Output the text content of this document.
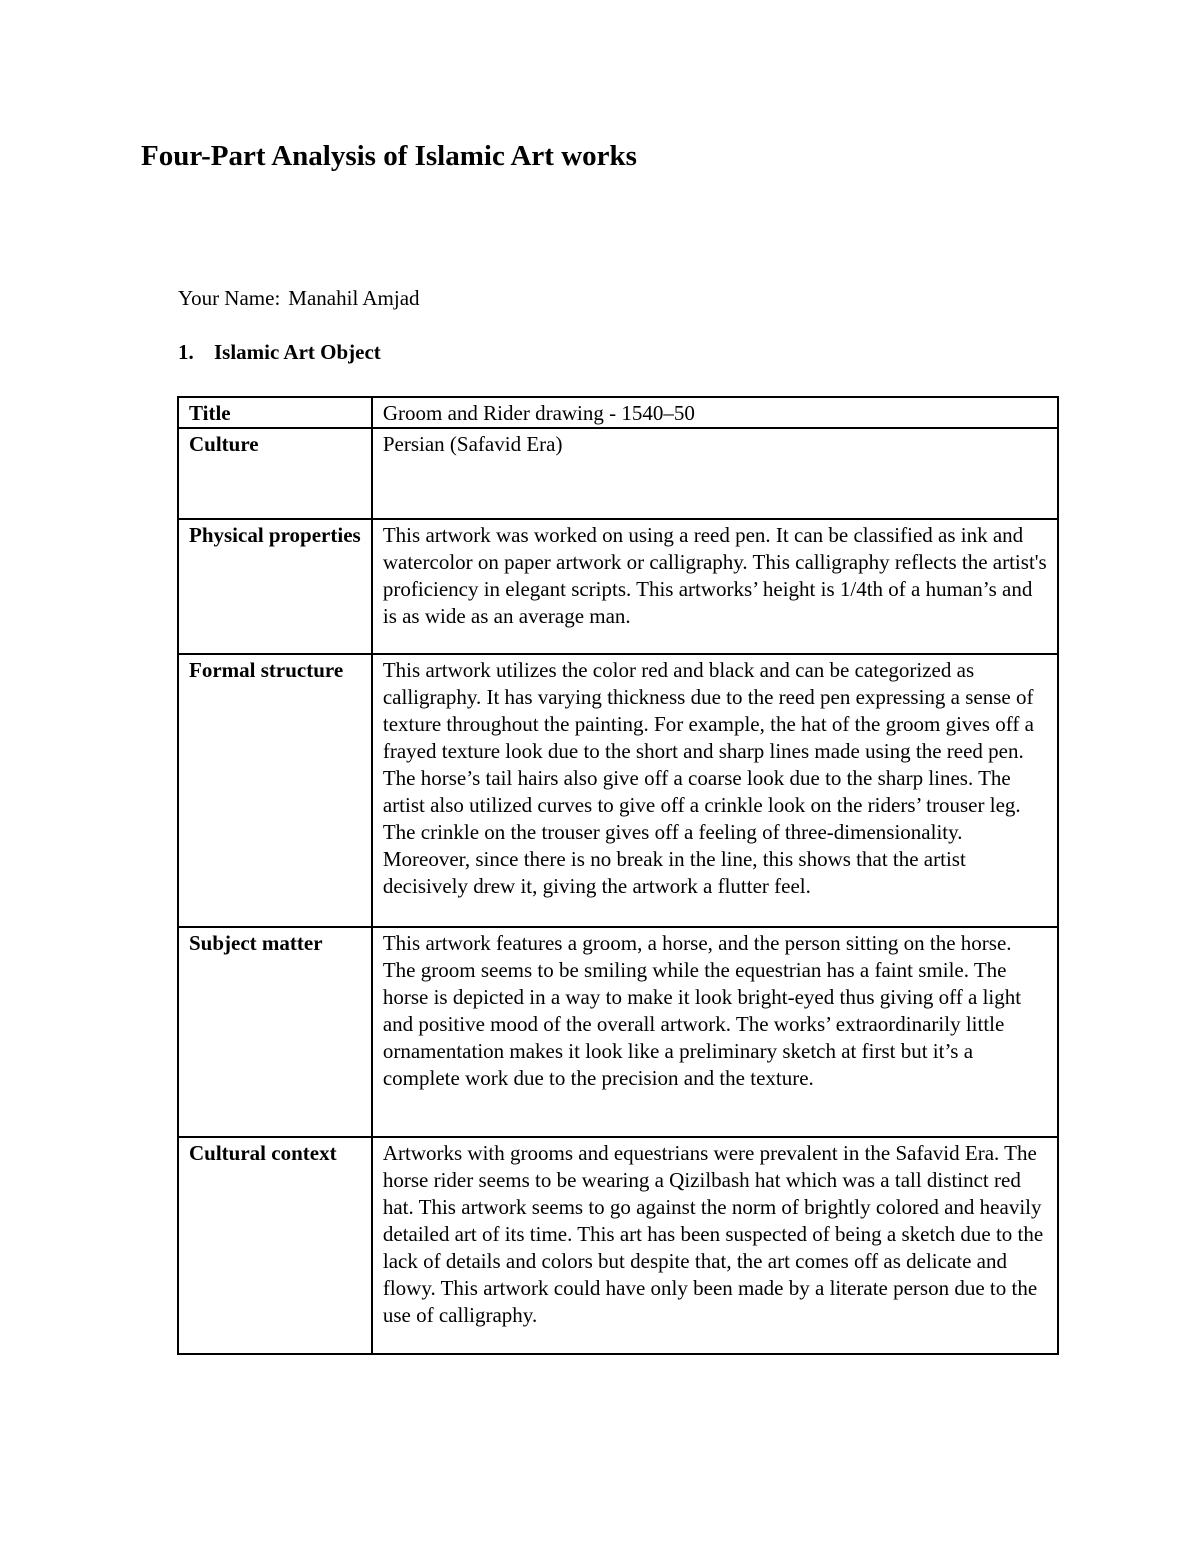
Four-Part Analysis of Islamic Art works
Your Name: Manahil Amjad
1. Islamic Art Object
Title	Groom and Rider drawing - 1540–50
Culture	Persian (Safavid Era)
Physical properties	This artwork was worked on using a reed pen. It can be classified as ink and watercolor on paper artwork or calligraphy. This calligraphy reflects the artist's proficiency in elegant scripts. This artworks’ height is 1/4th of a human’s and is as wide as an average man.
Formal structure	This artwork utilizes the color red and black and can be categorized as calligraphy. It has varying thickness due to the reed pen expressing a sense of texture throughout the painting. For example, the hat of the groom gives off a frayed texture look due to the short and sharp lines made using the reed pen. The horse’s tail hairs also give off a coarse look due to the sharp lines. The artist also utilized curves to give off a crinkle look on the riders’ trouser leg. The crinkle on the trouser gives off a feeling of three-dimensionality. Moreover, since there is no break in the line, this shows that the artist decisively drew it, giving the artwork a flutter feel.
Subject matter	This artwork features a groom, a horse, and the person sitting on the horse. The groom seems to be smiling while the equestrian has a faint smile. The horse is depicted in a way to make it look bright-eyed thus giving off a light and positive mood of the overall artwork. The works’ extraordinarily little ornamentation makes it look like a preliminary sketch at first but it’s a complete work due to the precision and the texture.
Cultural context	Artworks with grooms and equestrians were prevalent in the Safavid Era. The horse rider seems to be wearing a Qizilbash hat which was a tall distinct red hat. This artwork seems to go against the norm of brightly colored and heavily detailed art of its time. This art has been suspected of being a sketch due to the lack of details and colors but despite that, the art comes off as delicate and flowy. This artwork could have only been made by a literate person due to the use of calligraphy.
